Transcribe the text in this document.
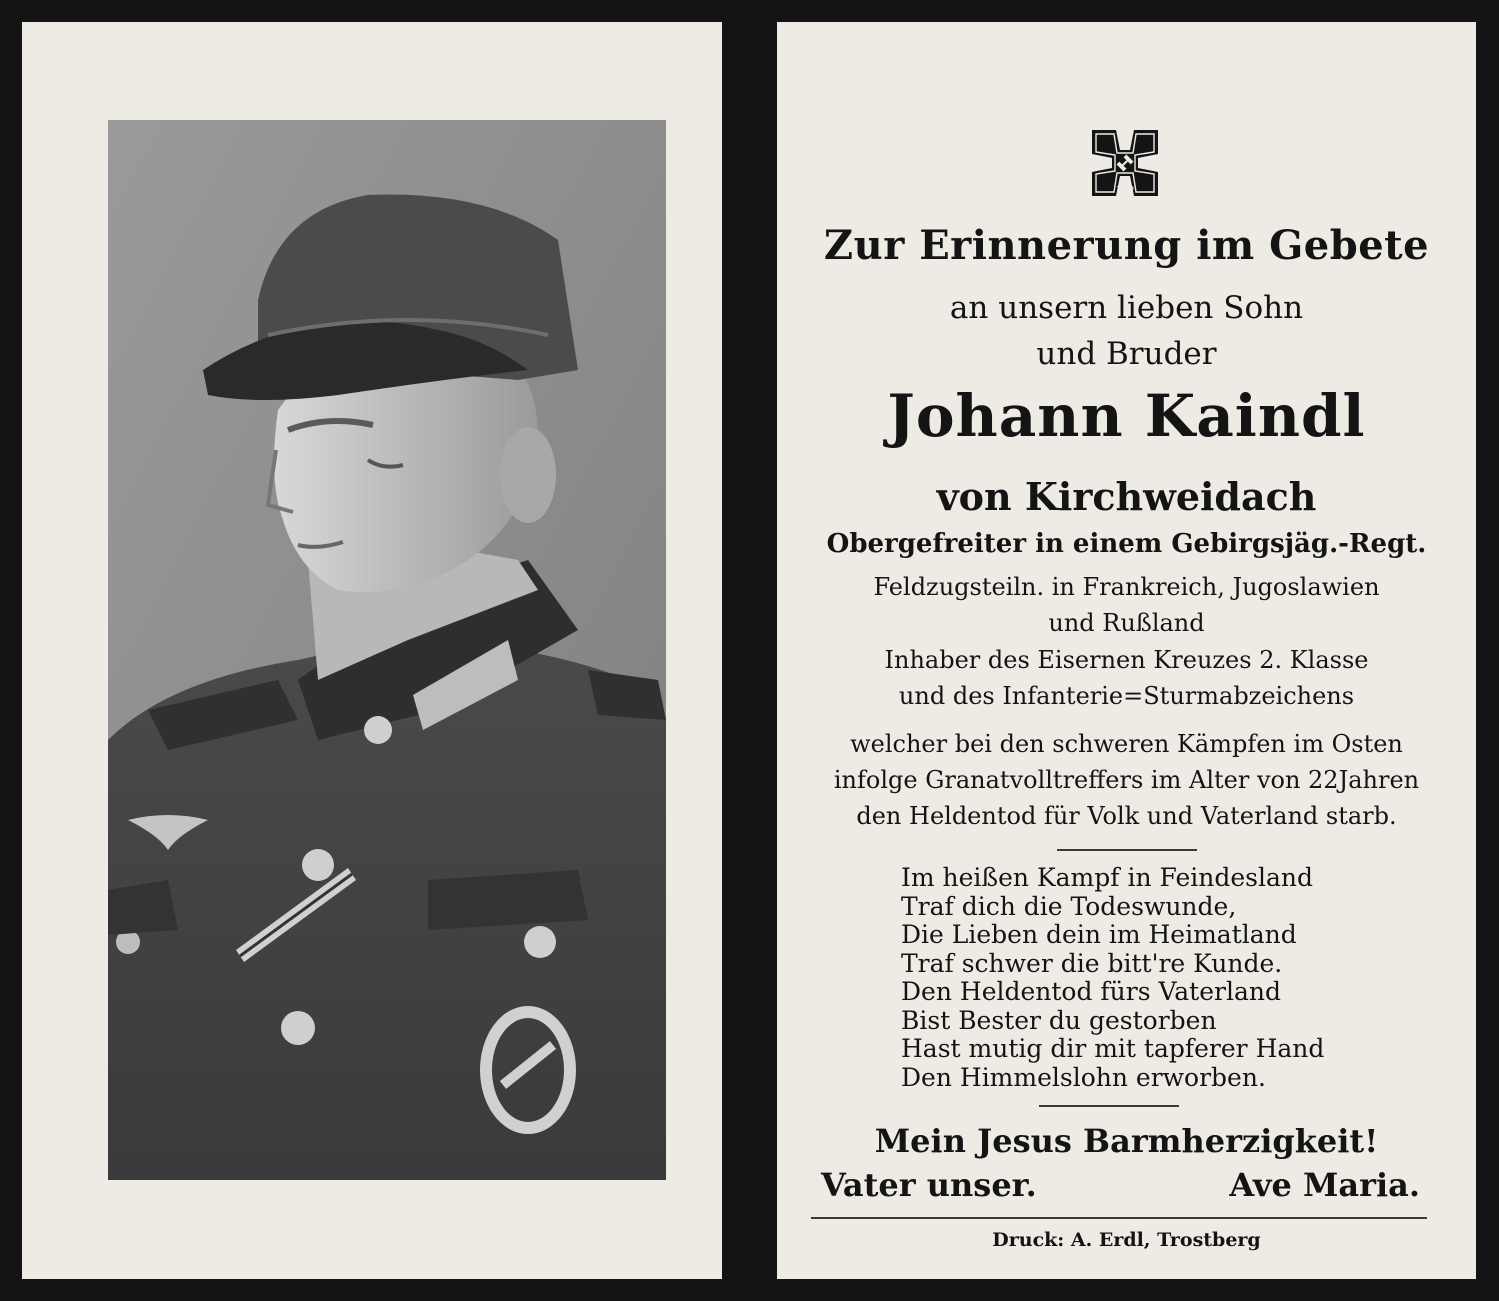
1939
Zur Erinnerung im Gebete
an unsern lieben Sohn
und Bruder
Johann Kaindl
von Kirchweidach
Obergefreiter in einem Gebirgsjäg.-Regt.
Feldzugsteiln. in Frankreich, Jugoslawien
und Rußland
Inhaber des Eisernen Kreuzes 2. Klasse
und des Infanterie=Sturmabzeichens
welcher bei den schweren Kämpfen im Osten
infolge Granatvolltreffers im Alter von 22Jahren
den Heldentod für Volk und Vaterland starb.
Im heißen Kampf in Feindesland
Traf dich die Todeswunde,
Die Lieben dein im Heimatland
Traf schwer die bitt're Kunde.
Den Heldentod fürs Vaterland
Bist Bester du gestorben
Hast mutig dir mit tapferer Hand
Den Himmelslohn erworben.
Mein Jesus Barmherzigkeit!
Vater unser.	Ave Maria.
Druck: A. Erdl, Trostberg
